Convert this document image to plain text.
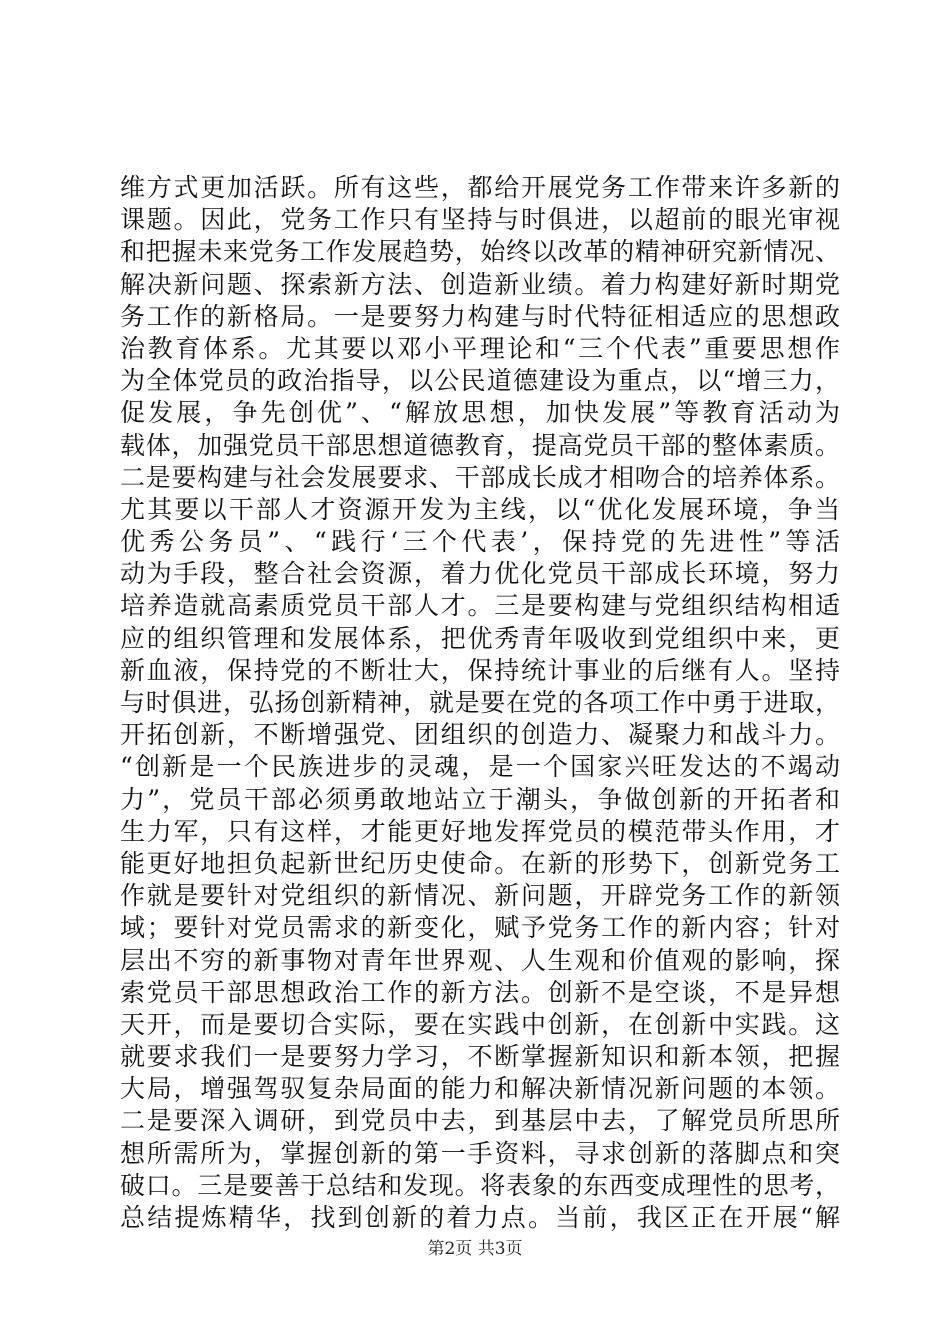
维方式更加活跃。所有这些，都给开展党务工作带来许多新的
课题。因此，党务工作只有坚持与时俱进，以超前的眼光审视
和把握未来党务工作发展趋势，始终以改革的精神研究新情况、
解决新问题、探索新方法、创造新业绩。着力构建好新时期党
务工作的新格局。一是要努力构建与时代特征相适应的思想政
治教育体系。尤其要以邓小平理论和“三个代表”重要思想作
为全体党员的政治指导，以公民道德建设为重点，以“增三力，
促发展，争先创优”、“解放思想，加快发展”等教育活动为
载体，加强党员干部思想道德教育，提高党员干部的整体素质。
二是要构建与社会发展要求、干部成长成才相吻合的培养体系。
尤其要以干部人才资源开发为主线，以“优化发展环境，争当
优秀公务员”、“践行‘三个代表’，保持党的先进性”等活
动为手段，整合社会资源，着力优化党员干部成长环境，努力
培养造就高素质党员干部人才。三是要构建与党组织结构相适
应的组织管理和发展体系，把优秀青年吸收到党组织中来，更
新血液，保持党的不断壮大，保持统计事业的后继有人。坚持
与时俱进，弘扬创新精神，就是要在党的各项工作中勇于进取，
开拓创新，不断增强党、团组织的创造力、凝聚力和战斗力。
“创新是一个民族进步的灵魂，是一个国家兴旺发达的不竭动
力”，党员干部必须勇敢地站立于潮头，争做创新的开拓者和
生力军，只有这样，才能更好地发挥党员的模范带头作用，才
能更好地担负起新世纪历史使命。在新的形势下，创新党务工
作就是要针对党组织的新情况、新问题，开辟党务工作的新领
域；要针对党员需求的新变化，赋予党务工作的新内容；针对
层出不穷的新事物对青年世界观、人生观和价值观的影响，探
索党员干部思想政治工作的新方法。创新不是空谈，不是异想
天开，而是要切合实际，要在实践中创新，在创新中实践。这
就要求我们一是要努力学习，不断掌握新知识和新本领，把握
大局，增强驾驭复杂局面的能力和解决新情况新问题的本领。
二是要深入调研，到党员中去，到基层中去，了解党员所思所
想所需所为，掌握创新的第一手资料，寻求创新的落脚点和突
破口。三是要善于总结和发现。将表象的东西变成理性的思考，
总结提炼精华，找到创新的着力点。当前，我区正在开展“解
第2页 共3页
